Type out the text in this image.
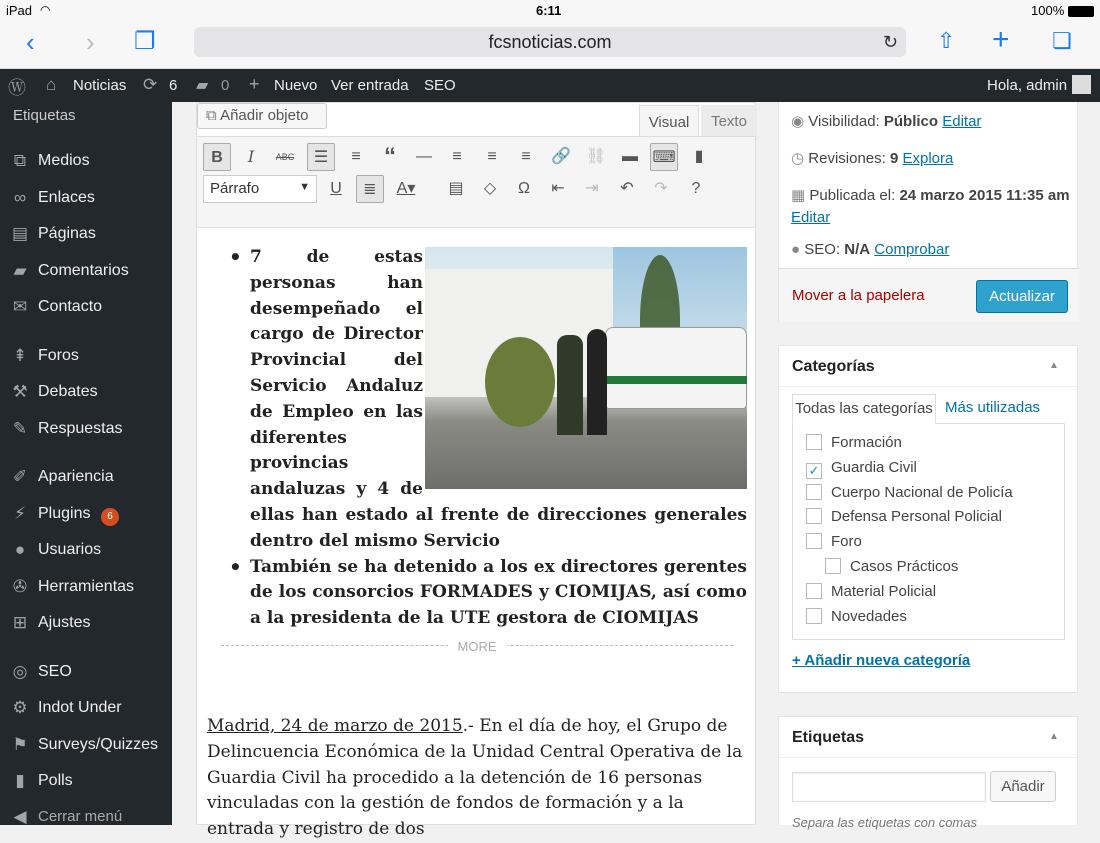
iPad ◠	6:11	100%
‹ › ❐	fcsnoticias.com	↻ ⇧ + ❏
Ⓦ ⌂ Noticias ⟳ 6 ▰ 0 + Nuevo Ver entrada SEO	Hola, admin
Etiquetas
⧉ Medios
∞ Enlaces
▤ Páginas
▰ Comentarios
✉ Contacto
⇞ Foros
⚒ Debates
✎ Respuestas
✐ Apariencia
⚡ Plugins	6
● Usuarios
✇ Herramientas
⊞ Ajustes
◎ SEO
⚙ Indot Under
⚑ Surveys/Quizzes
▮ Polls
◀ Cerrar menú
⧉ Añadir objeto	Visual	Texto
B	I	ABC	☰	≡ “	—	≡	≡	≡	🔗 ⛓ ▬ ⌨	▮
Párrafo	▼	U	≣	A▾	▤	◇	Ω	⇤	⇥	↶	↷	?
• 7 de estas personas han desempeñado el cargo de Director Provincial del Servicio Andaluz de Empleo en las diferentes provincias andaluzas y 4 de ellas han estado al frente de direcciones generales dentro del mismo Servicio
• También se ha detenido a los ex directores gerentes de los consorcios FORMADES y CIOMIJAS, así como a la presidenta de la UTE gestora de CIOMIJAS
MORE

Madrid, 24 de marzo de 2015.- En el día de hoy, el Grupo de Delincuencia Económica de la Unidad Central Operativa de la Guardia Civil ha procedido a la detención de 16 personas vinculadas con la gestión de fondos de formación y a la entrada y registro de dos

◉ Visibilidad: Público Editar
◷ Revisiones: 9 Explora
▦ Publicada el: 24 marzo 2015 11:35 am
Editar
● SEO: N/A Comprobar
Mover a la papelera	Actualizar
Categorías	▲
Todas las categorías Más utilizadas
Formación
✓ Guardia Civil
Cuerpo Nacional de Policía
Defensa Personal Policial
Foro
Casos Prácticos
Material Policial
Novedades
+ Añadir nueva categoría
Etiquetas	▲
Añadir
Separa las etiquetas con comas
